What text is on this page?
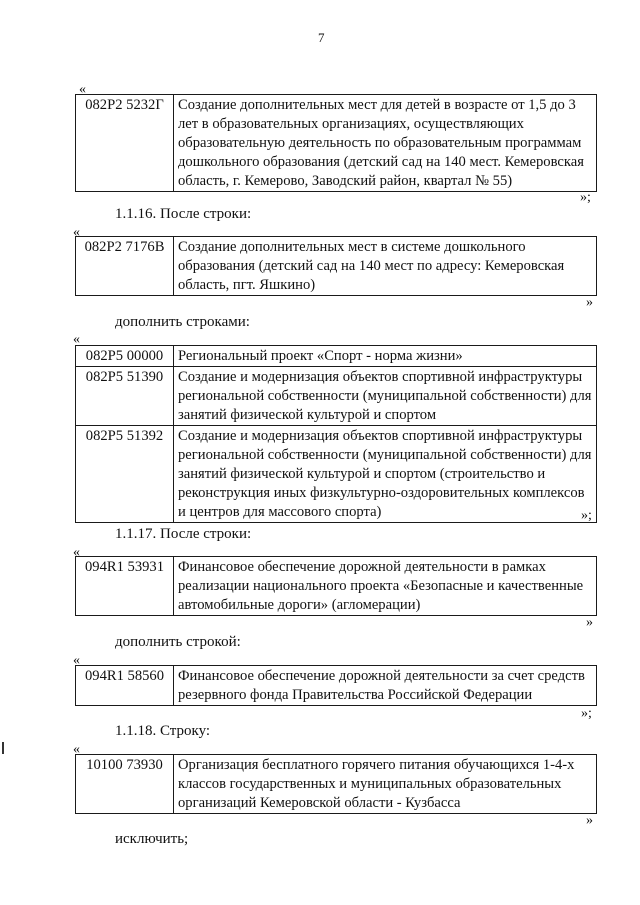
7
«
082P2 5232Г	Создание дополнительных мест для детей в возрасте от 1,5 до 3 лет в образовательных организациях, осуществляющих образовательную деятельность по образовательным программам дошкольного образования (детский сад на 140 мест. Кемеровская область, г. Кемерово, Заводский район, квартал № 55)
»;
1.1.16. После строки:
«
082P2 7176В	Создание дополнительных мест в системе дошкольного образования (детский сад на 140 мест по адресу: Кемеровская область, пгт. Яшкино)
»
дополнить строками:
«
082P5 00000	Региональный проект «Спорт - норма жизни»
082P5 51390	Создание и модернизация объектов спортивной инфраструктуры региональной собственности (муниципальной собственности) для занятий физической культурой и спортом
082P5 51392	Создание и модернизация объектов спортивной инфраструктуры региональной собственности (муниципальной собственности) для занятий физической культурой и спортом (строительство и реконструкция иных физкультурно-оздоровительных комплексов и центров для массового спорта)	»;
1.1.17. После строки:
«
094R1 53931	Финансовое обеспечение дорожной деятельности в рамках реализации национального проекта «Безопасные и качественные автомобильные дороги» (агломерации)
»
дополнить строкой:
«
094R1 58560	Финансовое обеспечение дорожной деятельности за счет средств резервного фонда Правительства Российской Федерации
»;
1.1.18. Строку:
«
10100 73930	Организация бесплатного горячего питания обучающихся 1-4-х классов государственных и муниципальных образовательных организаций Кемеровской области - Кузбасса
»
исключить;
